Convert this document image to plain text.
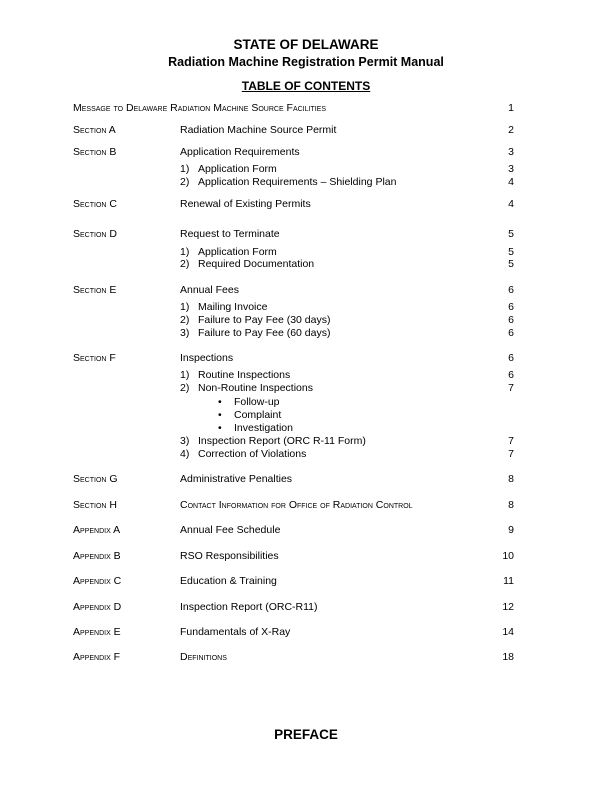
STATE OF DELAWARE
Radiation Machine Registration Permit Manual
TABLE OF CONTENTS
Message to Delaware Radiation Machine Source Facilities	1
Section A	Radiation Machine Source Permit	2
Section B	Application Requirements	3
1) Application Form	3
2) Application Requirements – Shielding Plan	4
Section C	Renewal of Existing Permits	4
Section D	Request to Terminate	5
1) Application Form	5
2) Required Documentation	5
Section E	Annual Fees	6
1) Mailing Invoice	6
2) Failure to Pay Fee (30 days)	6
3) Failure to Pay Fee (60 days)	6
Section F	Inspections	6
1) Routine Inspections	6
2) Non-Routine Inspections	7
• Follow-up
• Complaint
• Investigation
3) Inspection Report (ORC R-11 Form)	7
4) Correction of Violations	7
Section G	Administrative Penalties	8
Section H	Contact Information for Office of Radiation Control	8
Appendix A	Annual Fee Schedule	9
Appendix B	RSO Responsibilities	10
Appendix C	Education & Training	11
Appendix D	Inspection Report (ORC-R11)	12
Appendix E	Fundamentals of X-Ray	14
Appendix F	Definitions	18
PREFACE
